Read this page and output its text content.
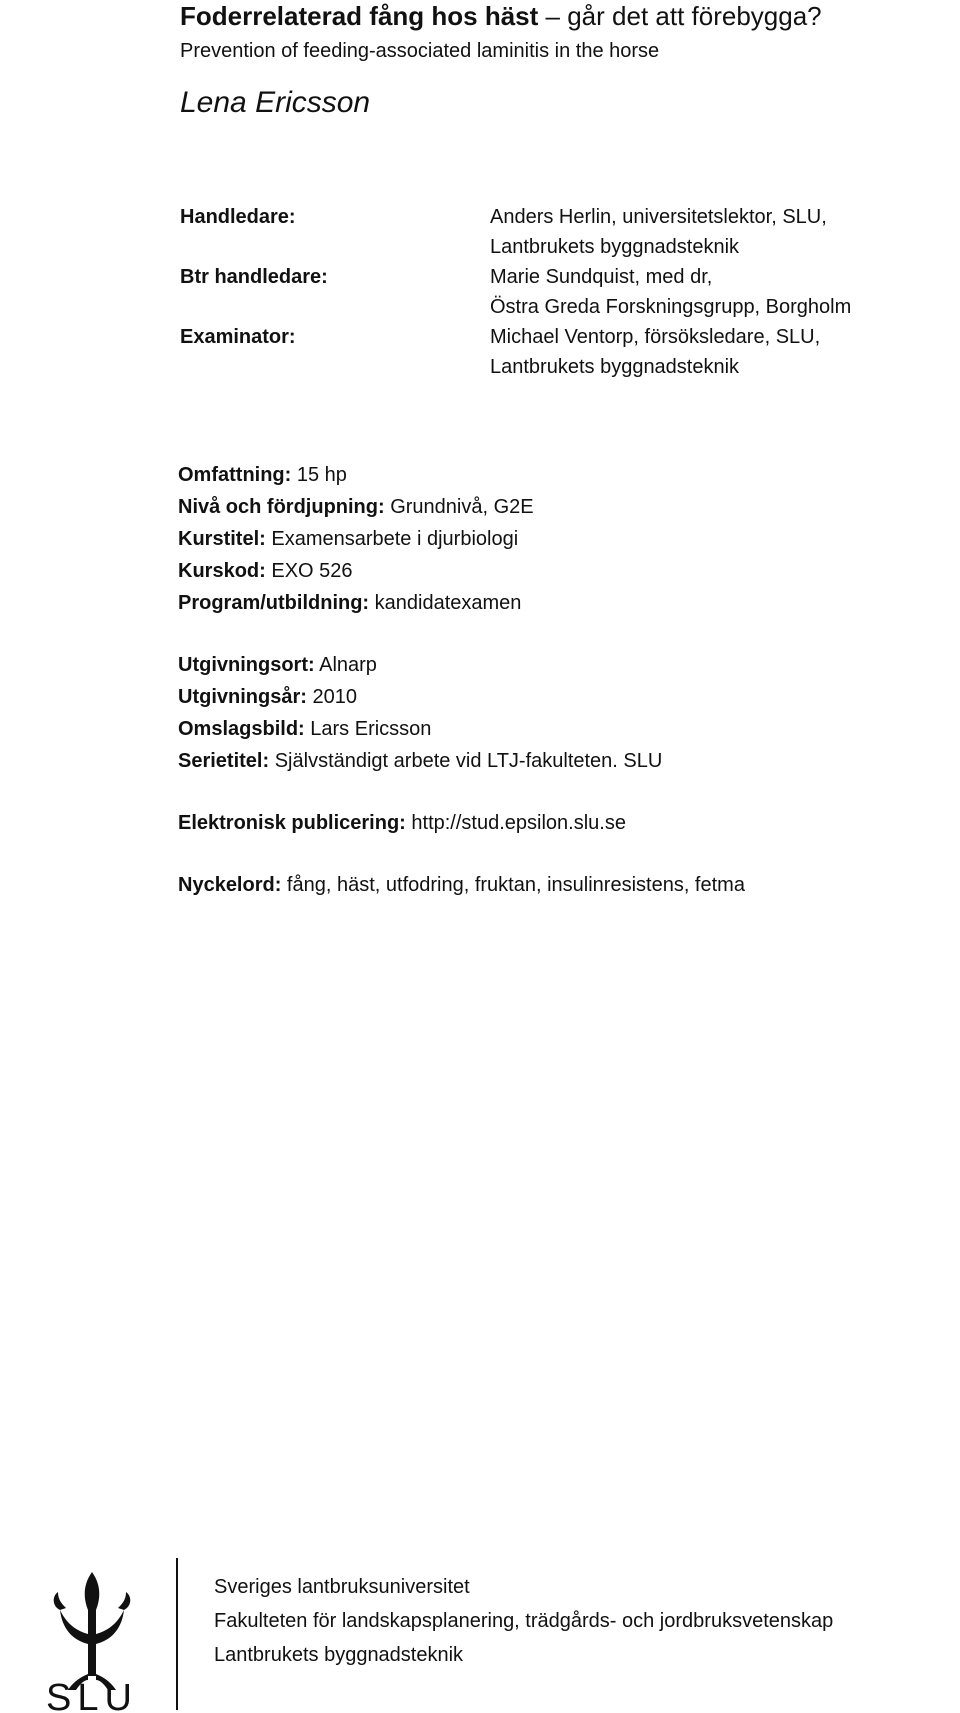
Foderrelaterad fång hos häst – går det att förebygga?
Prevention of feeding-associated laminitis in the horse
Lena Ericsson
Handledare:	Anders Herlin, universitetslektor, SLU,
Lantbrukets byggnadsteknik
Btr handledare:	Marie Sundquist, med dr,
Östra Greda Forskningsgrupp, Borgholm
Examinator:	Michael Ventorp, försöksledare, SLU,
Lantbrukets byggnadsteknik
Omfattning: 15 hp
Nivå och fördjupning: Grundnivå, G2E
Kurstitel: Examensarbete i djurbiologi
Kurskod: EXO 526
Program/utbildning: kandidatexamen
Utgivningsort: Alnarp
Utgivningsår: 2010
Omslagsbild: Lars Ericsson
Serietitel: Självständigt arbete vid LTJ-fakulteten. SLU
Elektronisk publicering: http://stud.epsilon.slu.se
Nyckelord: fång, häst, utfodring, fruktan, insulinresistens, fetma
SLU
Sveriges lantbruksuniversitet
Fakulteten för landskapsplanering, trädgårds- och jordbruksvetenskap
Lantbrukets byggnadsteknik
